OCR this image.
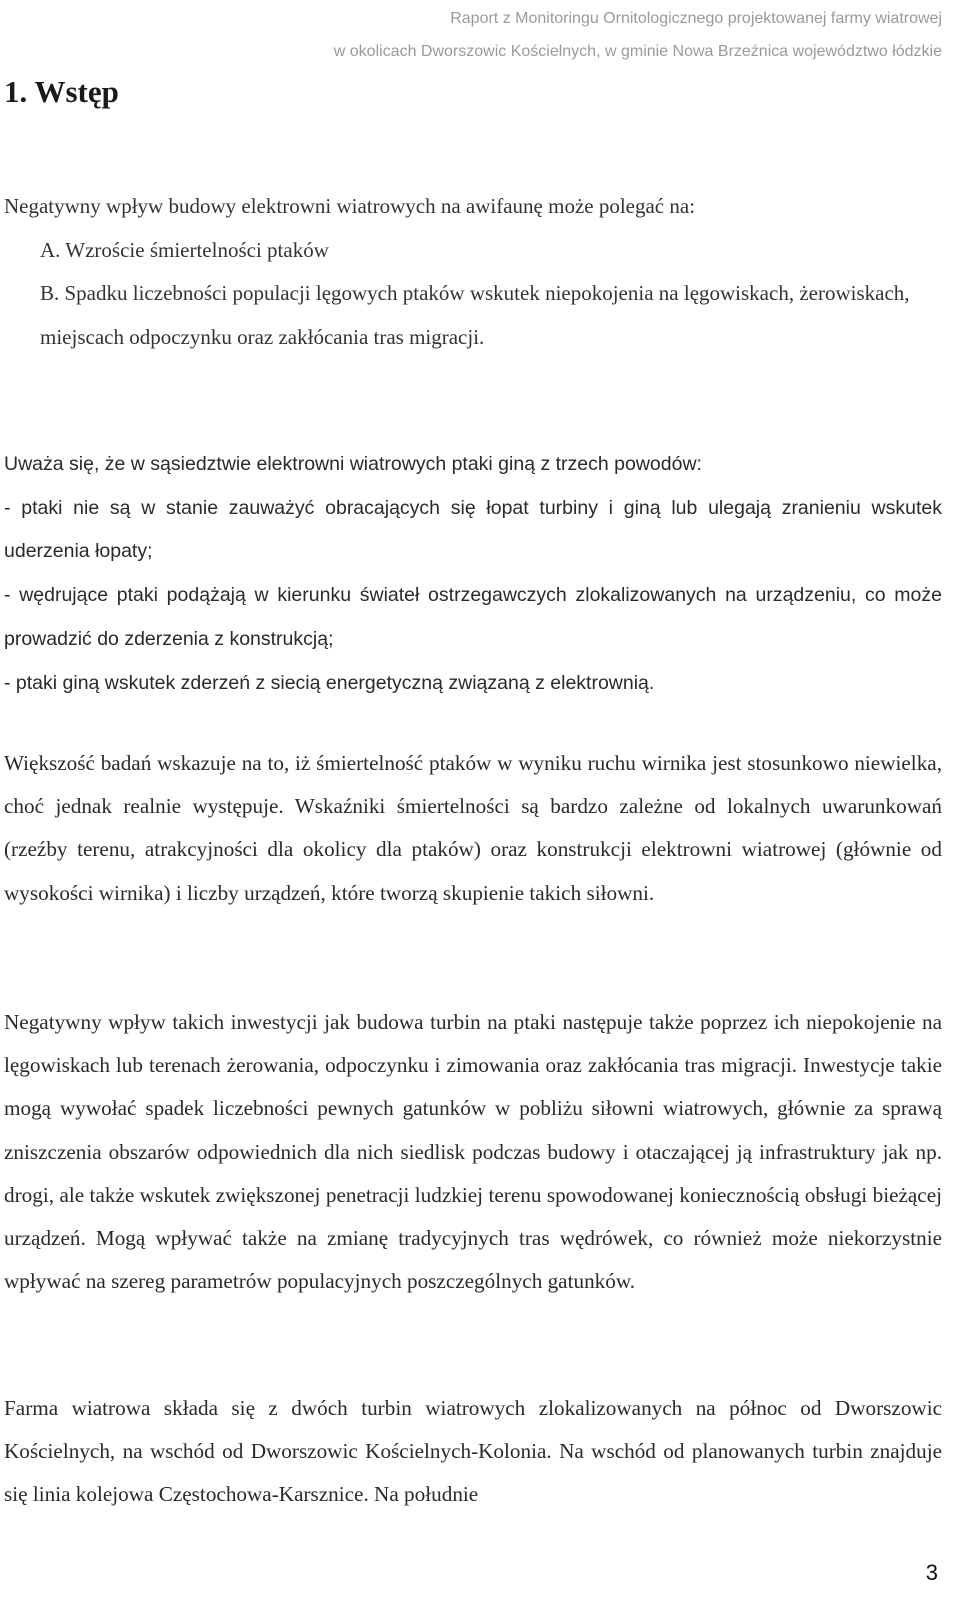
Raport z Monitoringu Ornitologicznego projektowanej farmy wiatrowej
w okolicach Dworszowic Kościelnych, w gminie Nowa Brzeźnica województwo łódzkie
1. Wstęp

Negatywny wpływ budowy elektrowni wiatrowych na awifaunę może polegać na:

A. Wzroście śmiertelności ptaków

B. Spadku liczebności populacji lęgowych ptaków wskutek niepokojenia na lęgowiskach, żerowiskach, miejscach odpoczynku oraz zakłócania tras migracji.

Uważa się, że w sąsiedztwie elektrowni wiatrowych ptaki giną z trzech powodów:

- ptaki nie są w stanie zauważyć obracających się łopat turbiny i giną lub ulegają zranieniu wskutek uderzenia łopaty;

- wędrujące ptaki podążają w kierunku świateł ostrzegawczych zlokalizowanych na urządzeniu, co może prowadzić do zderzenia z konstrukcją;

- ptaki giną wskutek zderzeń z siecią energetyczną związaną z elektrownią.

Większość badań wskazuje na to, iż śmiertelność ptaków w wyniku ruchu wirnika jest stosunkowo niewielka, choć jednak realnie występuje. Wskaźniki śmiertelności są bardzo zależne od lokalnych uwarunkowań (rzeźby terenu, atrakcyjności dla okolicy dla ptaków) oraz konstrukcji elektrowni wiatrowej (głównie od wysokości wirnika) i liczby urządzeń, które tworzą skupienie takich siłowni.

Negatywny wpływ takich inwestycji jak budowa turbin na ptaki następuje także poprzez ich niepokojenie na lęgowiskach lub terenach żerowania, odpoczynku i zimowania oraz zakłócania tras migracji. Inwestycje takie mogą wywołać spadek liczebności pewnych gatunków w pobliżu siłowni wiatrowych, głównie za sprawą zniszczenia obszarów odpowiednich dla nich siedlisk podczas budowy i otaczającej ją infrastruktury jak np. drogi, ale także wskutek zwiększonej penetracji ludzkiej terenu spowodowanej koniecznością obsługi bieżącej urządzeń. Mogą wpływać także na zmianę tradycyjnych tras wędrówek, co również może niekorzystnie wpływać na szereg parametrów populacyjnych poszczególnych gatunków.

Farma wiatrowa składa się z dwóch turbin wiatrowych zlokalizowanych na północ od Dworszowic Kościelnych, na wschód od Dworszowic Kościelnych-Kolonia. Na wschód od planowanych turbin znajduje się linia kolejowa Częstochowa-Karsznice. Na południe

3
